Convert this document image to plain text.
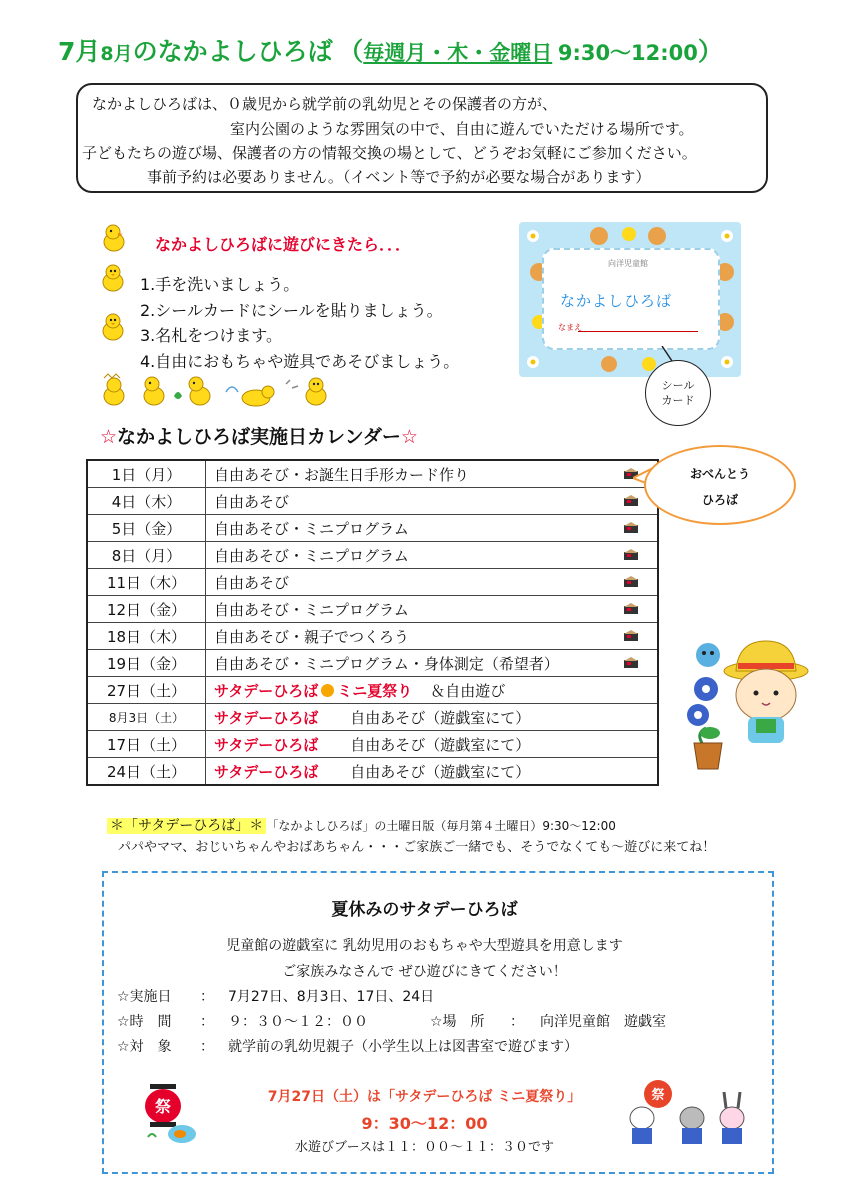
7月8月のなかよしひろば （毎週月・木・金曜日 9:30～12:00）
なかよしひろばは、０歳児から就学前の乳幼児とその保護者の方が、
室内公園のような雰囲気の中で、自由に遊んでいただける場所です。
子どもたちの遊び場、保護者の方の情報交換の場として、どうぞお気軽にご参加ください。
事前予約は必要ありません。（イベント等で予約が必要な場合があります）
なかよしひろばに遊びにきたら．．．
1.手を洗いましょう。
2.シールカードにシールを貼りましょう。
3.名札をつけます。
4.自由におもちゃや遊具であそびましょう。
向洋児童館
なかよしひろば
なまえ
シール
カード
☆なかよしひろば実施日カレンダー☆
1日（月）	自由あそび・お誕生日手形カード作り

4日（木）	自由あそび

5日（金）	自由あそび・ミニプログラム

8日（月）	自由あそび・ミニプログラム

11日（木）	自由あそび

12日（金）	自由あそび・ミニプログラム

18日（木）	自由あそび・親子でつくろう

19日（金）	自由あそび・ミニプログラム・身体測定（希望者）

27日（土）	サタデーひろば ミニ夏祭り ＆自由遊び
8月3日（土）	サタデーひろば 自由あそび（遊戯室にて）
17日（土）	サタデーひろば 自由あそび（遊戯室にて）
24日（土）	サタデーひろば 自由あそび（遊戯室にて）
おべんとう
ひろば
＊「サタデーひろば」＊ 「なかよしひろば」の土曜日版（毎月第４土曜日）9:30～12:00
パパやママ、おじいちゃんやおばあちゃん・・・ご家族ご一緒でも、そうでなくても～遊びに来てね！
夏休みのサタデーひろば
児童館の遊戯室に 乳幼児用のおもちゃや大型遊具を用意します
ご家族みなさんで ぜひ遊びにきてください！
☆実施日 ： 7月27日、8月3日、17日、24日
☆時　間 ： ９：３０～１２：００	☆場　所 ： 向洋児童館　遊戯室
☆対　象 ： 就学前の乳幼児親子（小学生以上は図書室で遊びます）
7月27日（土）は「サタデーひろば ミニ夏祭り」
9：30～12：00
水遊びブースは１１：００～１１：３０です
祭
祭
